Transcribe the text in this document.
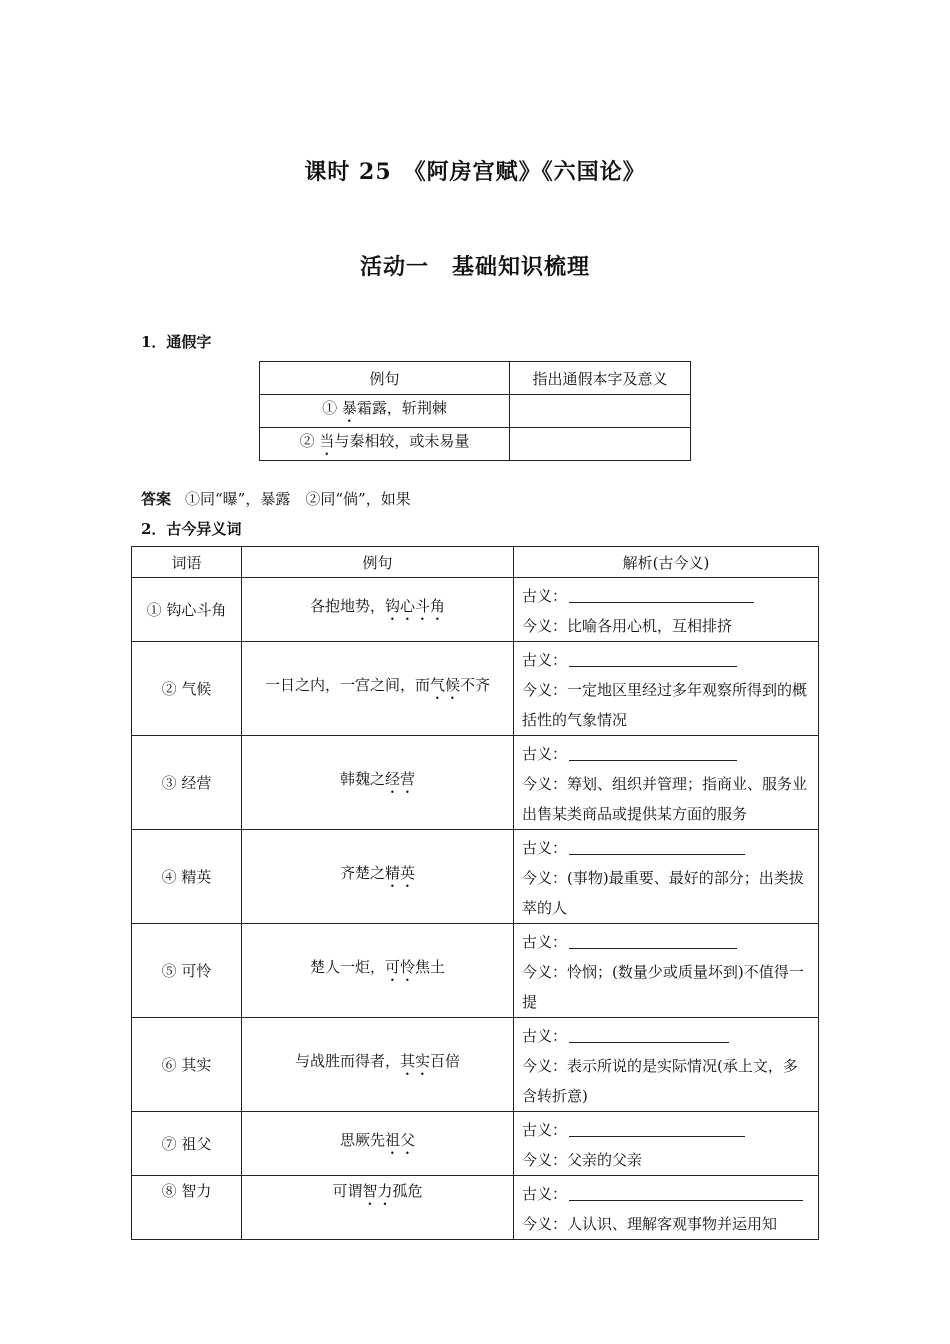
课时 25　《阿房宫赋》《六国论》
活动一　基础知识梳理
1．通假字
例句	指出通假本字及意义
① 暴霜露，斩荆棘	
② 当与秦相较，或未易量	
答案 ①同“曝”，暴露　②同“倘”，如果
2．古今异义词
词语	例句	解析(古今义)
① 钩心斗角	各抱地势，钩心斗角	古义：
今义：比喻各用心机，互相排挤

② 气候	一日之内，一宫之间，而气候不齐	古义：
今义：一定地区里经过多年观察所得到的概括性的气象情况

③ 经营	韩魏之经营	古义：
今义：筹划、组织并管理；指商业、服务业出售某类商品或提供某方面的服务

④ 精英	齐楚之精英	古义：
今义：(事物)最重要、最好的部分；出类拔萃的人

⑤ 可怜	楚人一炬，可怜焦土	古义：
今义：怜悯；(数量少或质量坏到)不值得一提

⑥ 其实	与战胜而得者，其实百倍	古义：
今义：表示所说的是实际情况(承上文，多含转折意)

⑦ 祖父	思厥先祖父	古义：
今义：父亲的父亲

⑧ 智力	可谓智力孤危	古义：
今义：人认识、理解客观事物并运用知
